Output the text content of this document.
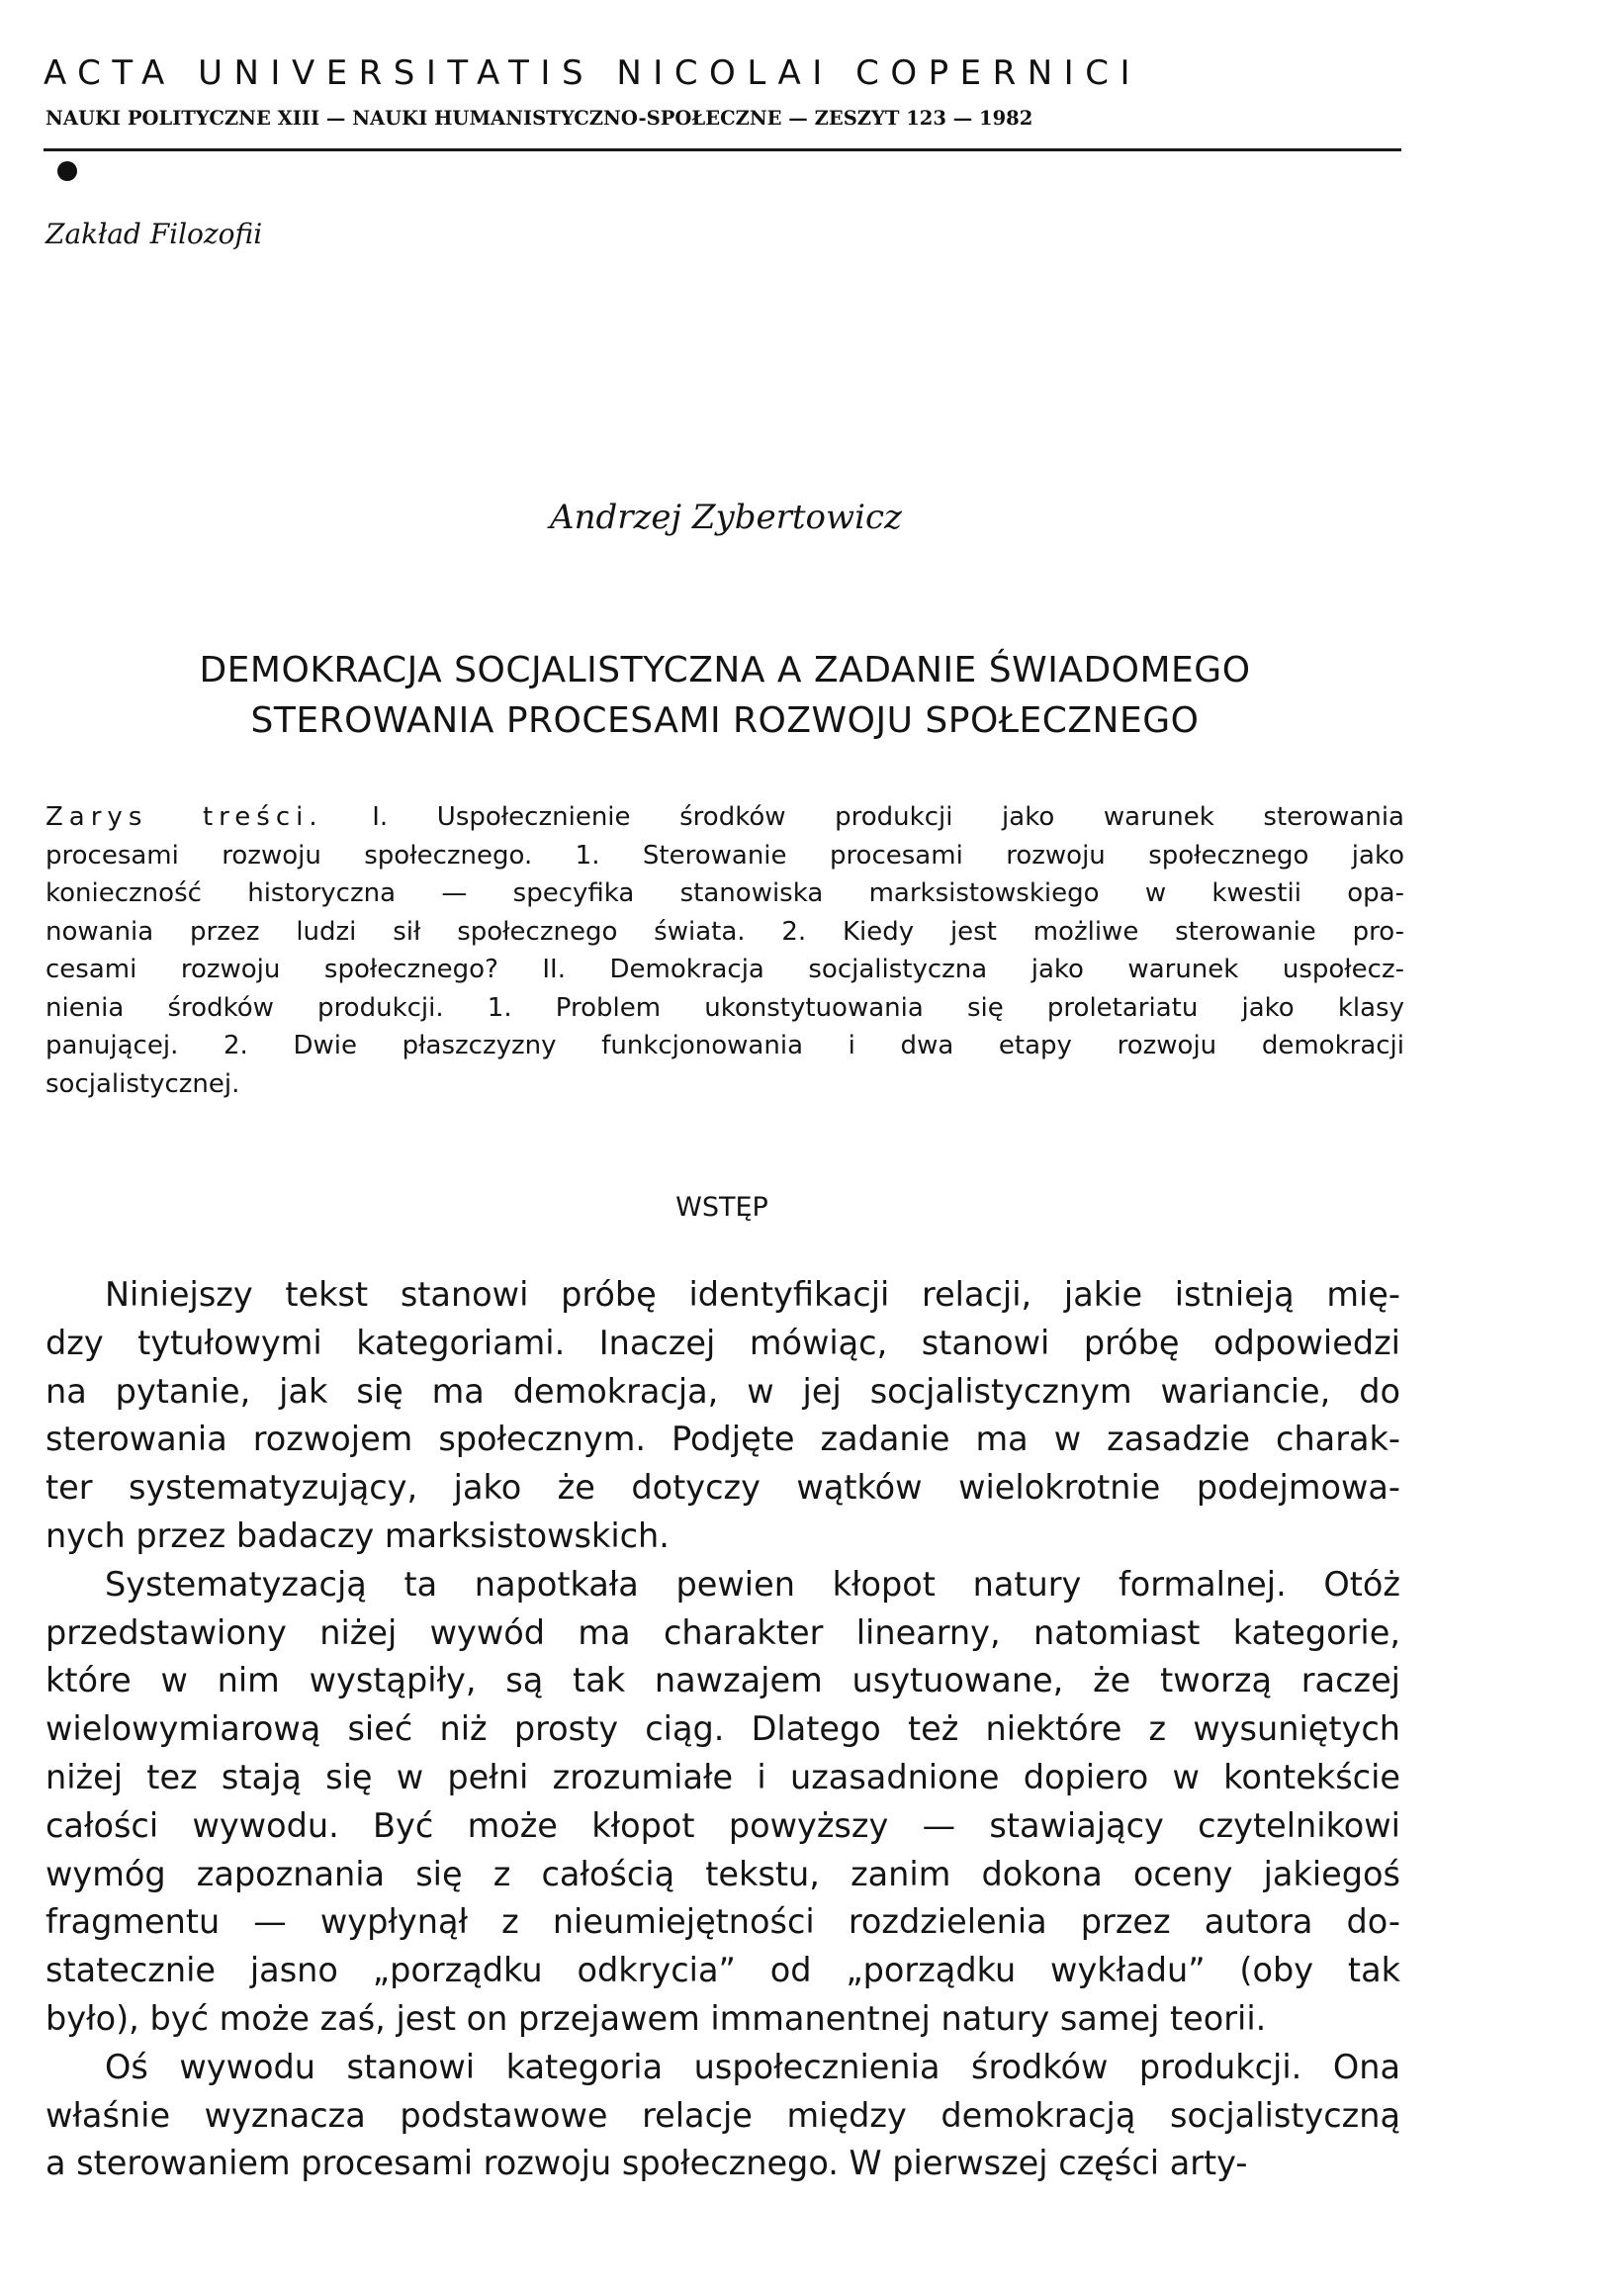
ACTA UNIVERSITATIS NICOLAI COPERNICI
NAUKI POLITYCZNE XIII — NAUKI HUMANISTYCZNO-SPOŁECZNE — ZESZYT 123 — 1982
Zakład Filozofii
Andrzej Zybertowicz
DEMOKRACJA SOCJALISTYCZNA A ZADANIE ŚWIADOMEGO
STEROWANIA PROCESAMI ROZWOJU SPOŁECZNEGO
Zarys treści. I. Uspołecznienie środków produkcji jako warunek sterowania
procesami rozwoju społecznego. 1. Sterowanie procesami rozwoju społecznego jako
konieczność historyczna — specyfika stanowiska marksistowskiego w kwestii opa-
nowania przez ludzi sił społecznego świata. 2. Kiedy jest możliwe sterowanie pro-
cesami rozwoju społecznego? II. Demokracja socjalistyczna jako warunek uspołecz-
nienia środków produkcji. 1. Problem ukonstytuowania się proletariatu jako klasy
panującej. 2. Dwie płaszczyzny funkcjonowania i dwa etapy rozwoju demokracji
socjalistycznej.
WSTĘP
Niniejszy tekst stanowi próbę identyfikacji relacji, jakie istnieją mię-
dzy tytułowymi kategoriami. Inaczej mówiąc, stanowi próbę odpowiedzi
na pytanie, jak się ma demokracja, w jej socjalistycznym wariancie, do
sterowania rozwojem społecznym. Podjęte zadanie ma w zasadzie charak-
ter systematyzujący, jako że dotyczy wątków wielokrotnie podejmowa-
nych przez badaczy marksistowskich.
Systematyzacją ta napotkała pewien kłopot natury formalnej. Otóż
przedstawiony niżej wywód ma charakter linearny, natomiast kategorie,
które w nim wystąpiły, są tak nawzajem usytuowane, że tworzą raczej
wielowymiarową sieć niż prosty ciąg. Dlatego też niektóre z wysuniętych
niżej tez stają się w pełni zrozumiałe i uzasadnione dopiero w kontekście
całości wywodu. Być może kłopot powyższy — stawiający czytelnikowi
wymóg zapoznania się z całością tekstu, zanim dokona oceny jakiegoś
fragmentu — wypłynął z nieumiejętności rozdzielenia przez autora do-
statecznie jasno „porządku odkrycia” od „porządku wykładu” (oby tak
było), być może zaś, jest on przejawem immanentnej natury samej teorii.
Oś wywodu stanowi kategoria uspołecznienia środków produkcji. Ona
właśnie wyznacza podstawowe relacje między demokracją socjalistyczną
a sterowaniem procesami rozwoju społecznego. W pierwszej części arty-
